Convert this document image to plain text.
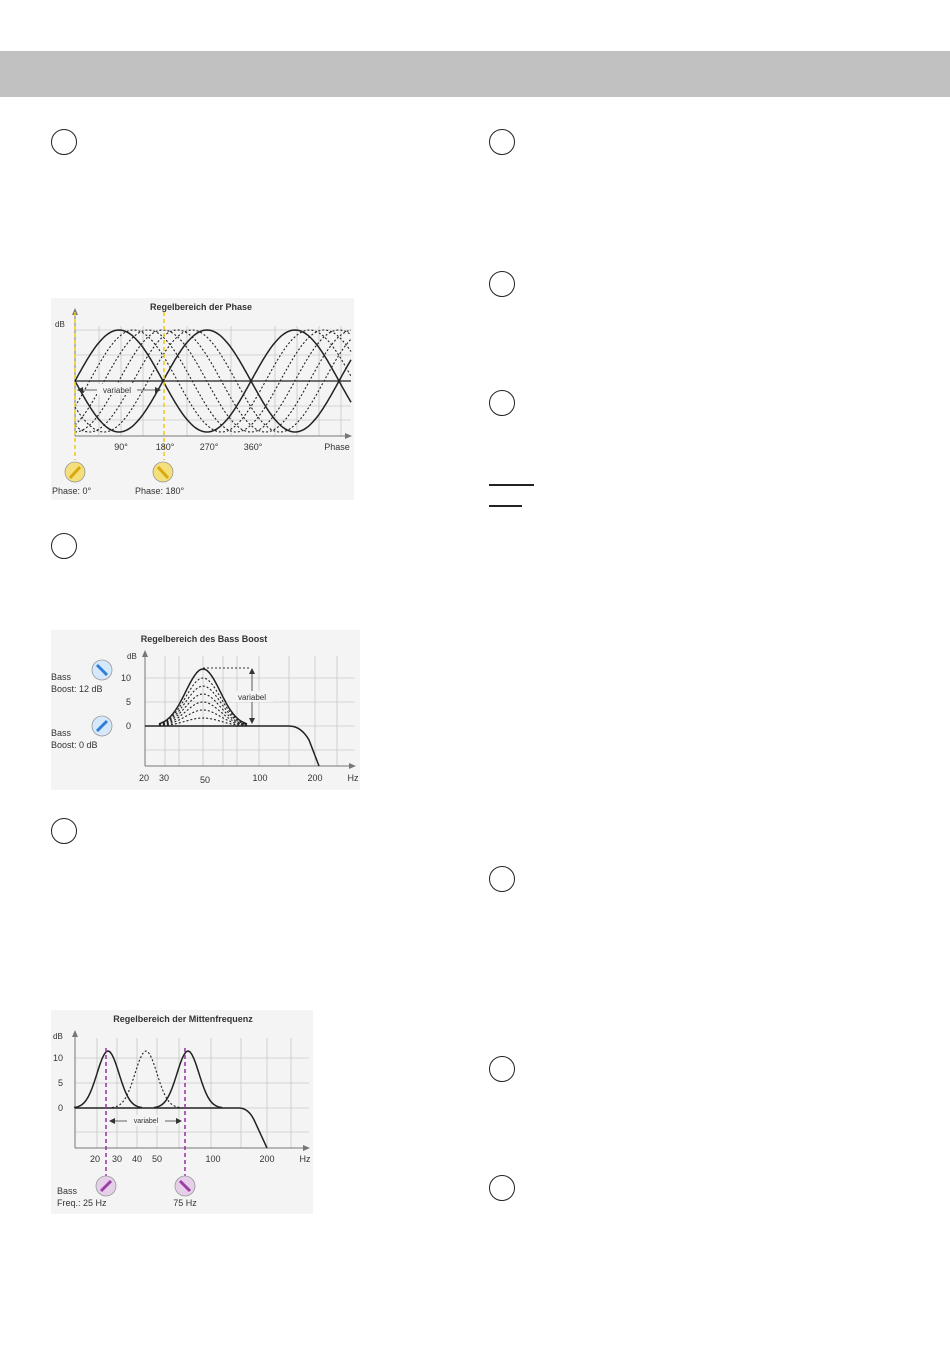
Regelbereich der Phase
dB
variabel
90°	180°	270°	360°	Phase
Phase: 0°	Phase: 180°
Regelbereich des Bass Boost
dB
variabel
10
5
0
20 30	50	100	200	Hz
Bass
Boost: 12 dB
Bass
Boost: 0 dB
Regelbereich der Mittenfrequenz
dB
variabel
10
5
0
20 30 40 50	100	200	Hz
Bass
Freq.: 25 Hz	75 Hz
